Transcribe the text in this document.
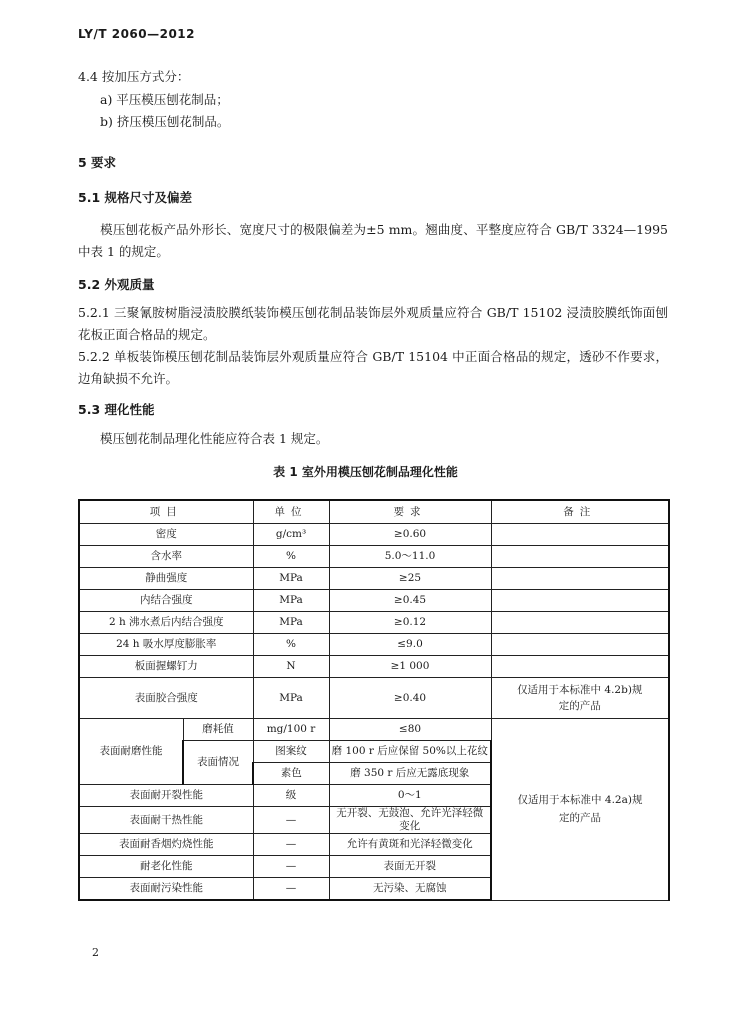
LY/T 2060—2012
4.4 按加压方式分：
a) 平压模压刨花制品；
b) 挤压模压刨花制品。
5 要求
5.1 规格尺寸及偏差
模压刨花板产品外形长、宽度尺寸的极限偏差为±5 mm。翘曲度、平整度应符合 GB/T 3324—1995 中表 1 的规定。
5.2 外观质量
5.2.1 三聚氰胺树脂浸渍胶膜纸装饰模压刨花制品装饰层外观质量应符合 GB/T 15102 浸渍胶膜纸饰面刨花板正面合格品的规定。
5.2.2 单板装饰模压刨花制品装饰层外观质量应符合 GB/T 15104 中正面合格品的规定，透砂不作要求，边角缺损不允许。
5.3 理化性能
模压刨花制品理化性能应符合表 1 规定。
表 1 室外用模压刨花制品理化性能
项目		单位	要求	备注
密度		g/cm³	≥0.60	
含水率		%	5.0～11.0	
静曲强度		MPa	≥25	
内结合强度		MPa	≥0.45	
2 h 沸水煮后内结合强度		MPa	≥0.12	
24 h 吸水厚度膨胀率		%	≤9.0	
板面握螺钉力		N	≥1 000	
表面胶合强度		MPa	≥0.40	仅适用于本标准中 4.2b)规定的产品
表面耐磨性能	磨耗值	mg/100 r	≤80	仅适用于本标准中 4.2a)规定的产品
	表面情况	图案纹	磨 100 r 后应保留 50%以上花纹	
		素色	磨 350 r 后应无露底现象	
表面耐开裂性能		级	0～1	
表面耐干热性能		—	无开裂、无鼓泡、允许光泽轻微变化	
表面耐香烟灼烧性能		—	允许有黄斑和光泽轻微变化	
耐老化性能		—	表面无开裂	
表面耐污染性能		—	无污染、无腐蚀	
2
